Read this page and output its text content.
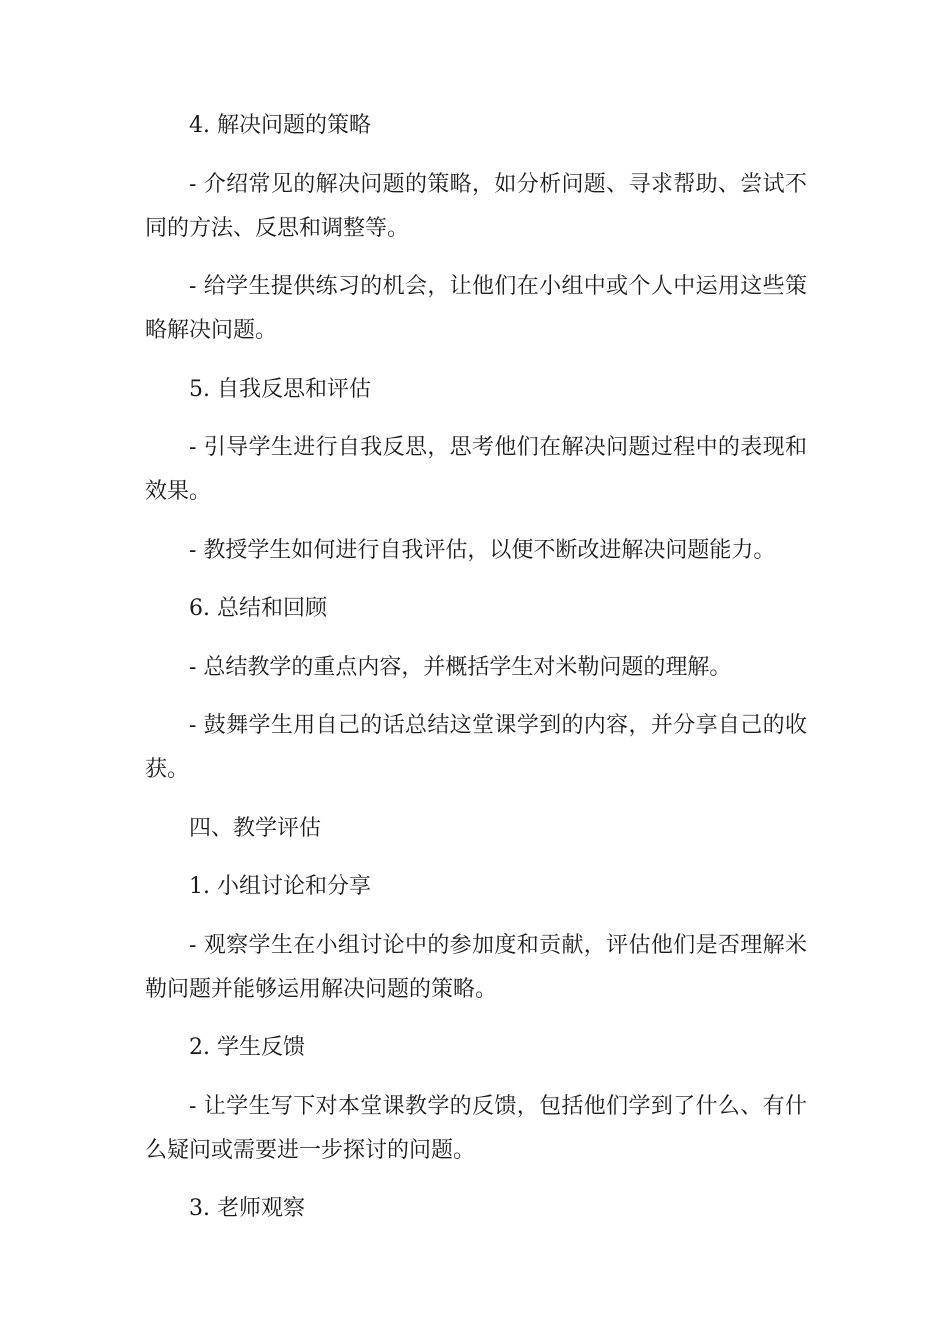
4. 解决问题的策略

- 介绍常见的解决问题的策略，如分析问题、寻求帮助、尝试不同的方法、反思和调整等。

- 给学生提供练习的机会，让他们在小组中或个人中运用这些策略解决问题。

5. 自我反思和评估

- 引导学生进行自我反思，思考他们在解决问题过程中的表现和效果。

- 教授学生如何进行自我评估，以便不断改进解决问题能力。

6. 总结和回顾

- 总结教学的重点内容，并概括学生对米勒问题的理解。

- 鼓舞学生用自己的话总结这堂课学到的内容，并分享自己的收获。

四、教学评估

1. 小组讨论和分享

- 观察学生在小组讨论中的参加度和贡献，评估他们是否理解米勒问题并能够运用解决问题的策略。

2. 学生反馈

- 让学生写下对本堂课教学的反馈，包括他们学到了什么、有什么疑问或需要进一步探讨的问题。

3. 老师观察
